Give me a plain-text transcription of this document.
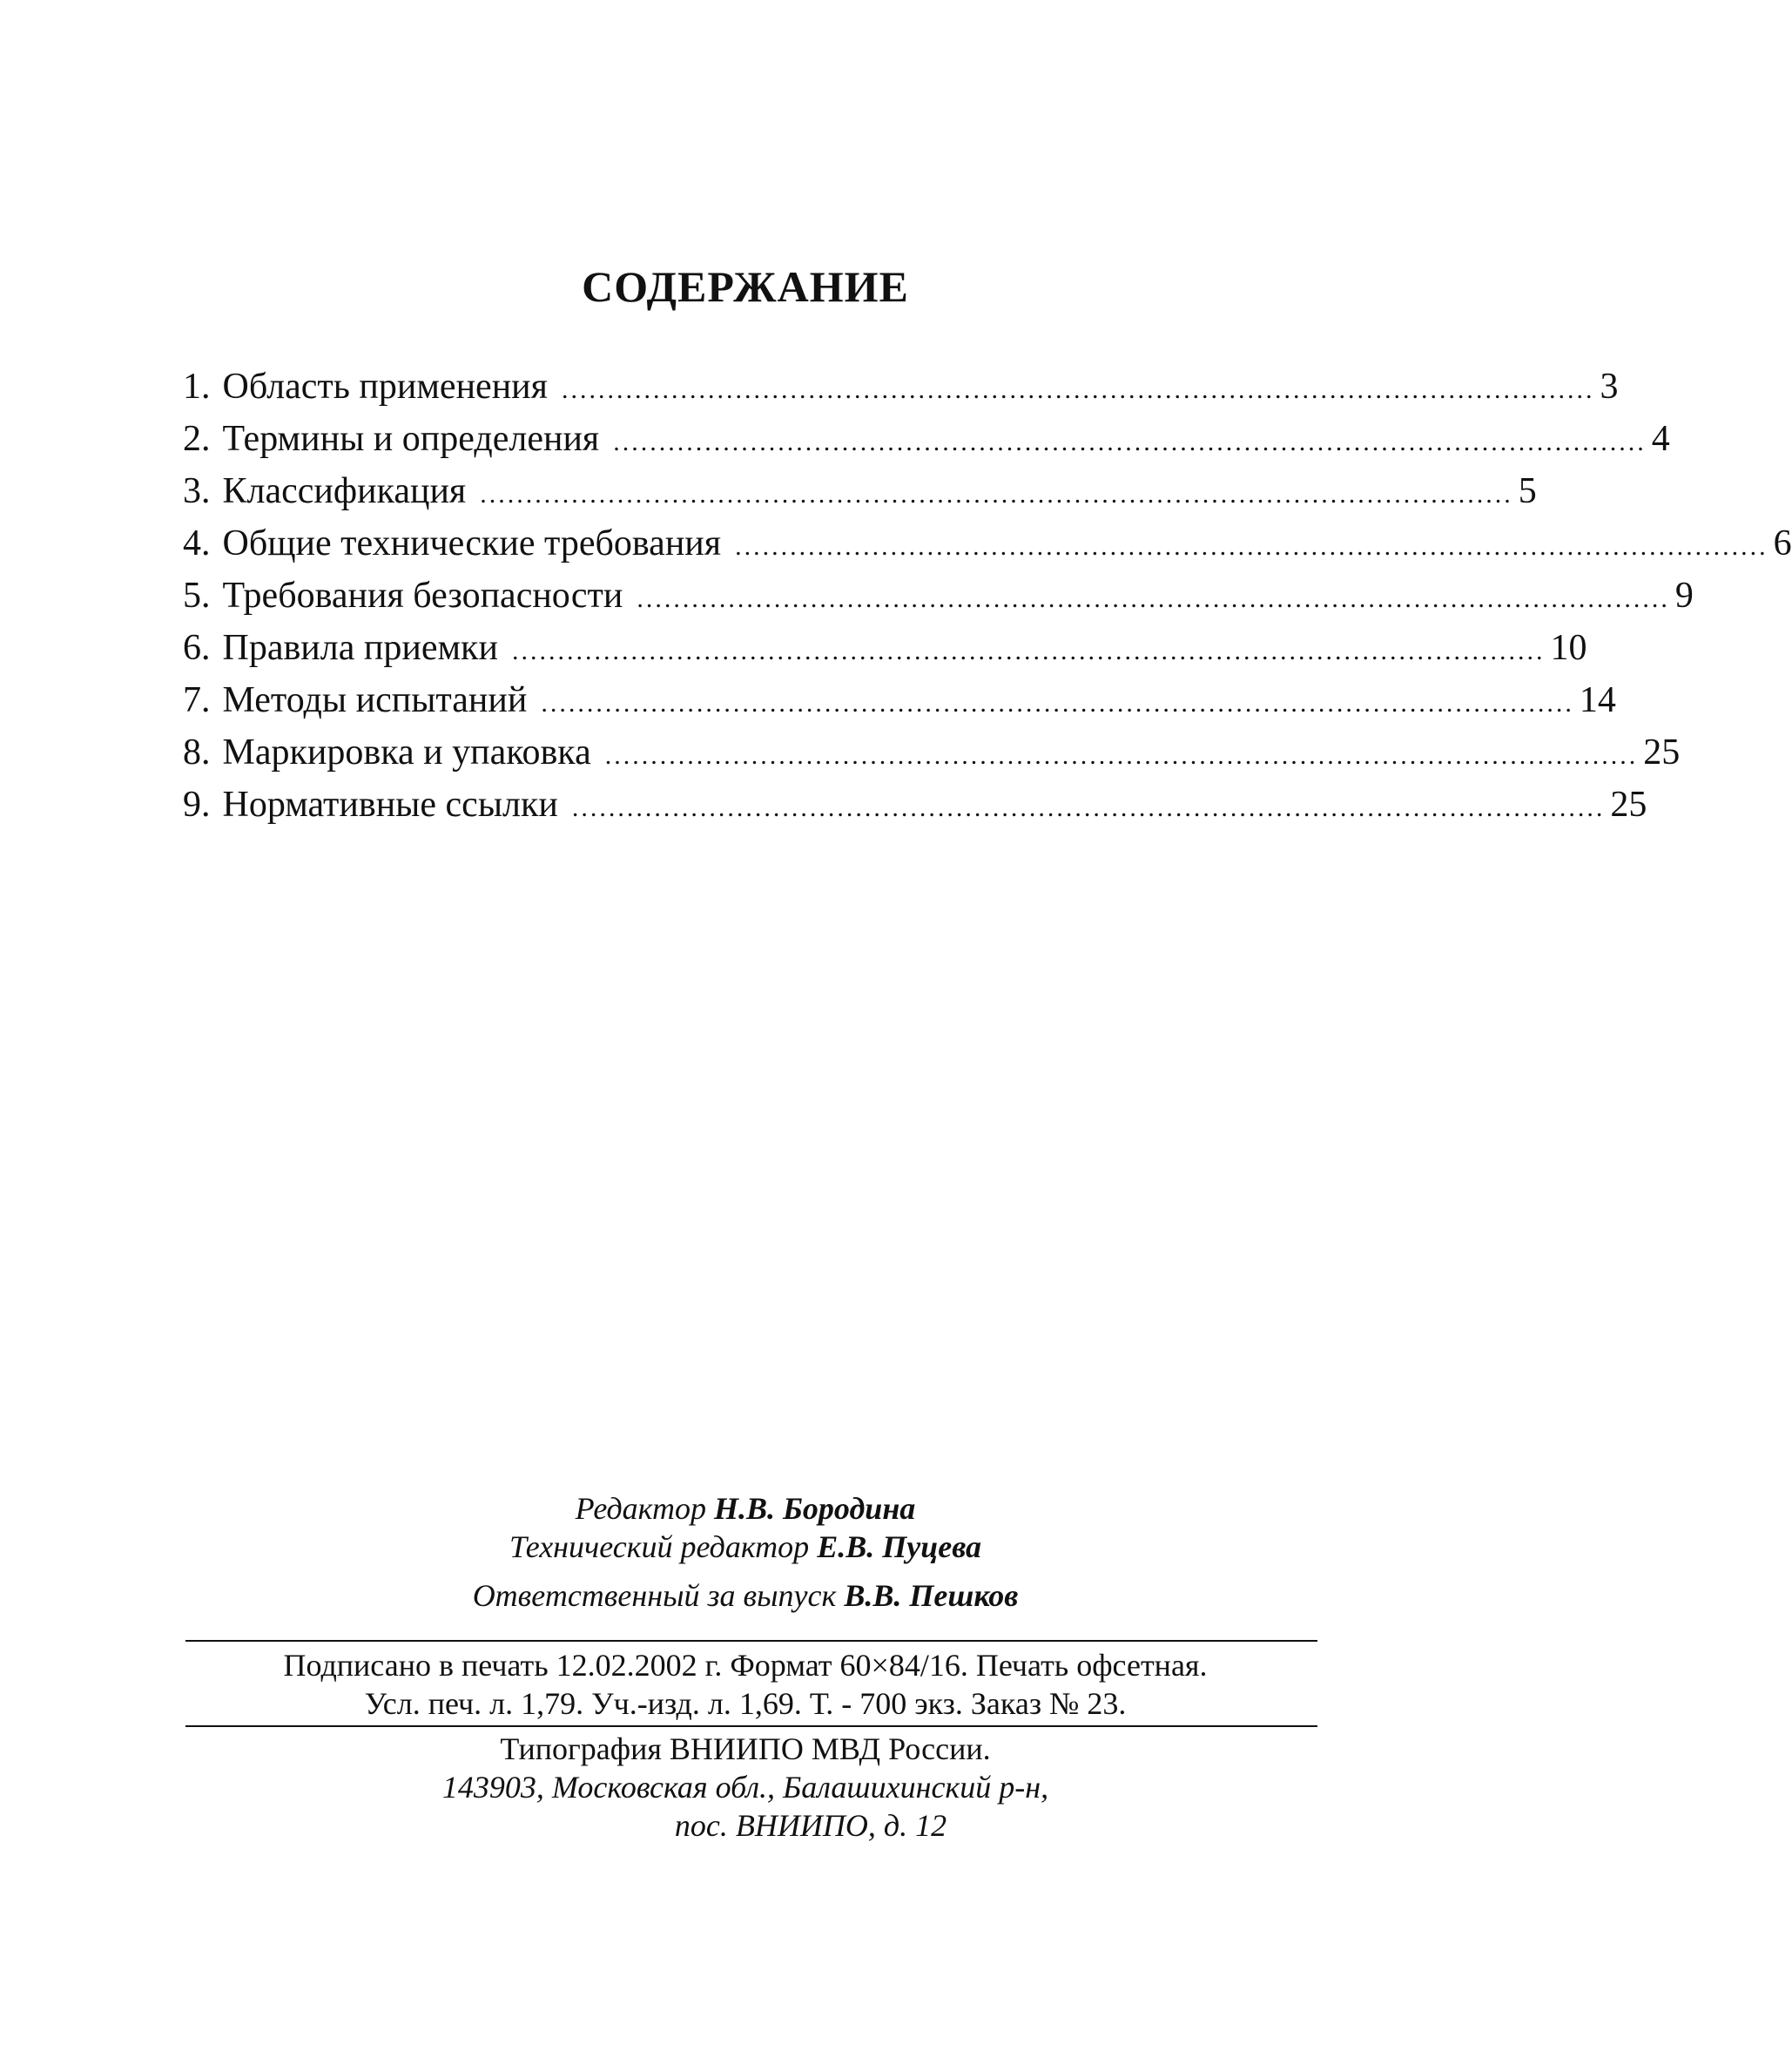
СОДЕРЖАНИЕ
1. Область применения ................................................................................................................. 3
2. Термины и определения ................................................................................................................. 4
3. Классификация ................................................................................................................. 5
4. Общие технические требования ................................................................................................................. 6
5. Требования безопасности ................................................................................................................. 9
6. Правила приемки ................................................................................................................. 10
7. Методы испытаний ................................................................................................................. 14
8. Маркировка и упаковка ................................................................................................................. 25
9. Нормативные ссылки ................................................................................................................. 25
Редактор Н.В. Бородина
Технический редактор Е.В. Пуцева
Ответственный за выпуск В.В. Пешков
Подписано в печать 12.02.2002 г. Формат 60×84/16. Печать офсетная.
Усл. печ. л. 1,79. Уч.-изд. л. 1,69. Т. - 700 экз. Заказ № 23.
Типография ВНИИПО МВД России.
143903, Московская обл., Балашихинский р-н,
пос. ВНИИПО, д. 12
